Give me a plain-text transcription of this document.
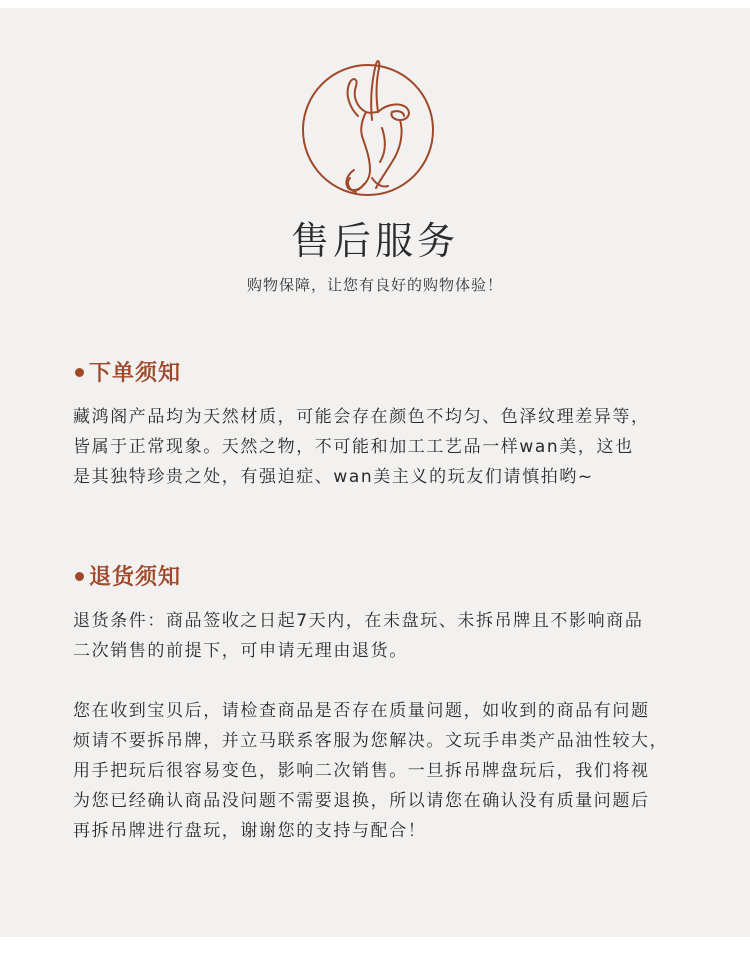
售后服务
购物保障，让您有良好的购物体验！
下单须知
藏鸿阁产品均为天然材质，可能会存在颜色不均匀、色泽纹理差异等，
皆属于正常现象。天然之物，不可能和加工工艺品一样wan美，这也
是其独特珍贵之处，有强迫症、wan美主义的玩友们请慎拍哟~
退货须知
退货条件：商品签收之日起7天内，在未盘玩、未拆吊牌且不影响商品
二次销售的前提下，可申请无理由退货。
您在收到宝贝后，请检查商品是否存在质量问题，如收到的商品有问题
烦请不要拆吊牌，并立马联系客服为您解决。文玩手串类产品油性较大，
用手把玩后很容易变色，影响二次销售。一旦拆吊牌盘玩后，我们将视
为您已经确认商品没问题不需要退换，所以请您在确认没有质量问题后
再拆吊牌进行盘玩，谢谢您的支持与配合！
